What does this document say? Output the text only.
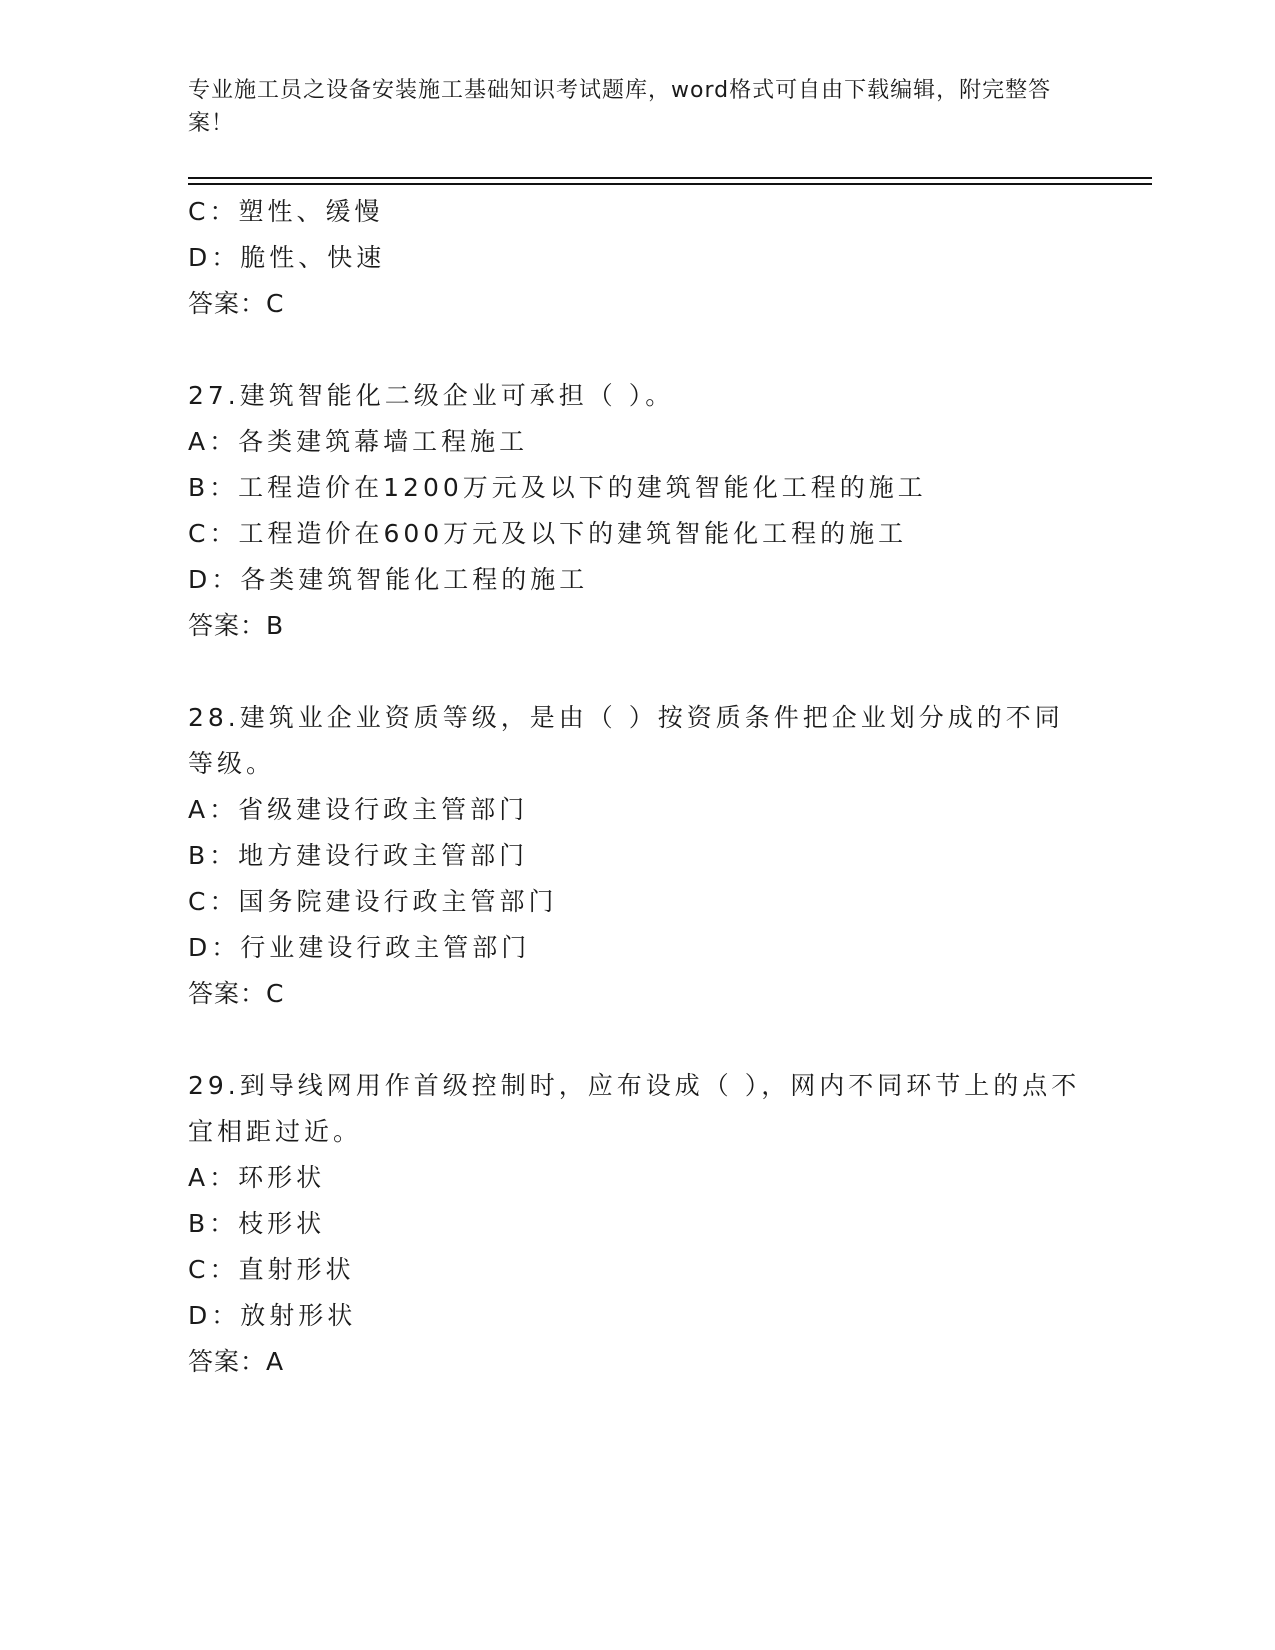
专业施工员之设备安装施工基础知识考试题库，word格式可自由下载编辑，附完整答案！
C：塑性、缓慢
D：脆性、快速
答案：C
27.建筑智能化二级企业可承担（ ）。
A：各类建筑幕墙工程施工
B：工程造价在1200万元及以下的建筑智能化工程的施工
C：工程造价在600万元及以下的建筑智能化工程的施工
D：各类建筑智能化工程的施工
答案：B
28.建筑业企业资质等级，是由（ ）按资质条件把企业划分成的不同等级。
A：省级建设行政主管部门
B：地方建设行政主管部门
C：国务院建设行政主管部门
D：行业建设行政主管部门
答案：C
29.到导线网用作首级控制时，应布设成（ ），网内不同环节上的点不宜相距过近。
A：环形状
B：枝形状
C：直射形状
D：放射形状
答案：A
